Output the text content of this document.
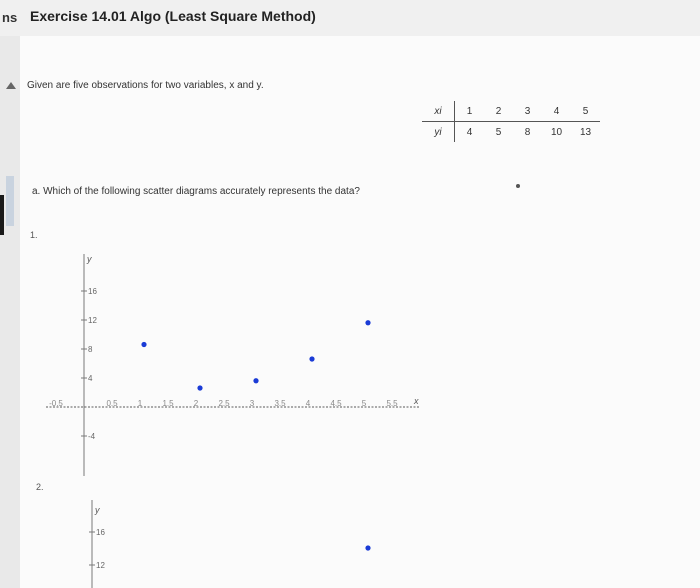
ns Exercise 14.01 Algo (Least Square Method)
Given are five observations for two variables, x and y.
xi	1	2	3	4	5
yi	4	5	8	10	13
a. Which of the following scatter diagrams accurately represents the data?
1.
2.
y
x
16
12
8
4
-4
-0.5	0.5	1	1.5	2	2.5	3	3.5	4	4.5	5	5.5
y
16
12
